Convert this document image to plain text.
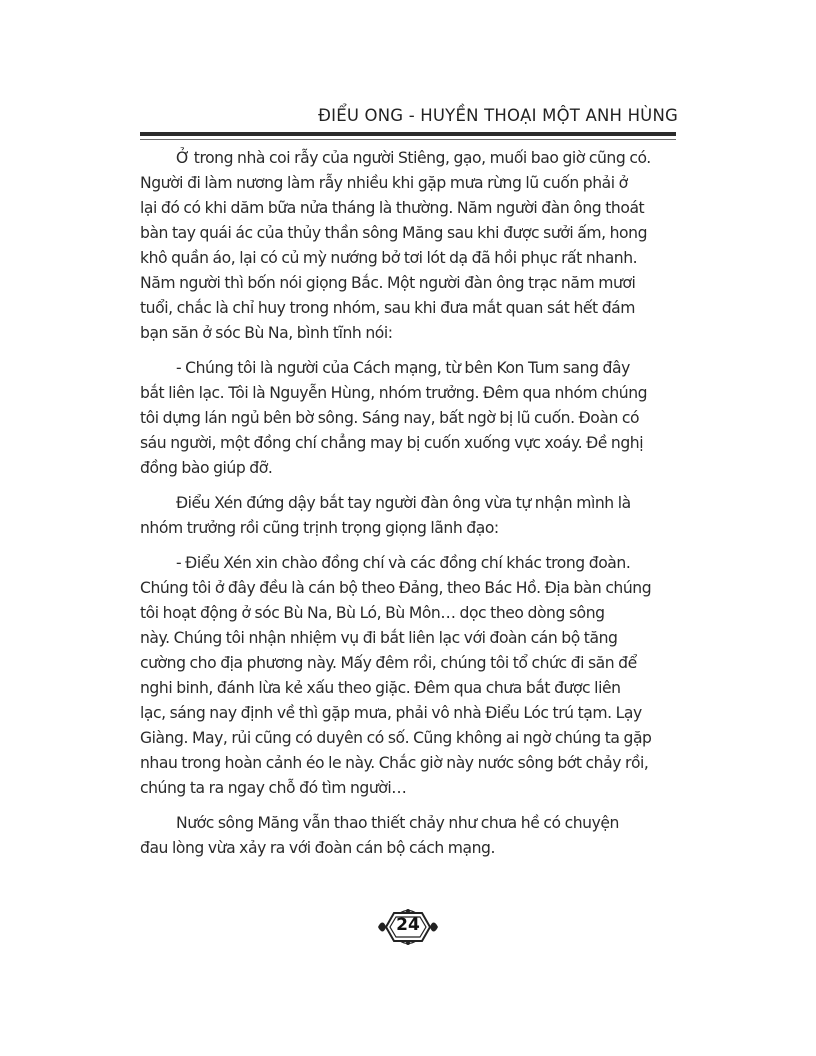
ĐIỂU ONG - HUYỀN THOẠI MỘT ANH HÙNG
Ở trong nhà coi rẫy của người Stiêng, gạo, muối bao giờ cũng có.
Người đi làm nương làm rẫy nhiều khi gặp mưa rừng lũ cuốn phải ở
lại đó có khi dăm bữa nửa tháng là thường. Năm người đàn ông thoát
bàn tay quái ác của thủy thần sông Măng sau khi được sưởi ấm, hong
khô quần áo, lại có củ mỳ nướng bở tơi lót dạ đã hồi phục rất nhanh.
Năm người thì bốn nói giọng Bắc. Một người đàn ông trạc năm mươi
tuổi, chắc là chỉ huy trong nhóm, sau khi đưa mắt quan sát hết đám
bạn săn ở sóc Bù Na, bình tĩnh nói:
- Chúng tôi là người của Cách mạng, từ bên Kon Tum sang đây
bắt liên lạc. Tôi là Nguyễn Hùng, nhóm trưởng. Đêm qua nhóm chúng
tôi dựng lán ngủ bên bờ sông. Sáng nay, bất ngờ bị lũ cuốn. Đoàn có
sáu người, một đồng chí chẳng may bị cuốn xuống vực xoáy. Đề nghị
đồng bào giúp đỡ.
Điểu Xén đứng dậy bắt tay người đàn ông vừa tự nhận mình là
nhóm trưởng rồi cũng trịnh trọng giọng lãnh đạo:
- Điểu Xén xin chào đồng chí và các đồng chí khác trong đoàn.
Chúng tôi ở đây đều là cán bộ theo Đảng, theo Bác Hồ. Địa bàn chúng
tôi hoạt động ở sóc Bù Na, Bù Ló, Bù Môn… dọc theo dòng sông
này. Chúng tôi nhận nhiệm vụ đi bắt liên lạc với đoàn cán bộ tăng
cường cho địa phương này. Mấy đêm rồi, chúng tôi tổ chức đi săn để
nghi binh, đánh lừa kẻ xấu theo giặc. Đêm qua chưa bắt được liên
lạc, sáng nay định về thì gặp mưa, phải vô nhà Điểu Lóc trú tạm. Lạy
Giàng. May, rủi cũng có duyên có số. Cũng không ai ngờ chúng ta gặp
nhau trong hoàn cảnh éo le này. Chắc giờ này nước sông bớt chảy rồi,
chúng ta ra ngay chỗ đó tìm người…
Nước sông Măng vẫn thao thiết chảy như chưa hề có chuyện
đau lòng vừa xảy ra với đoàn cán bộ cách mạng.
24
